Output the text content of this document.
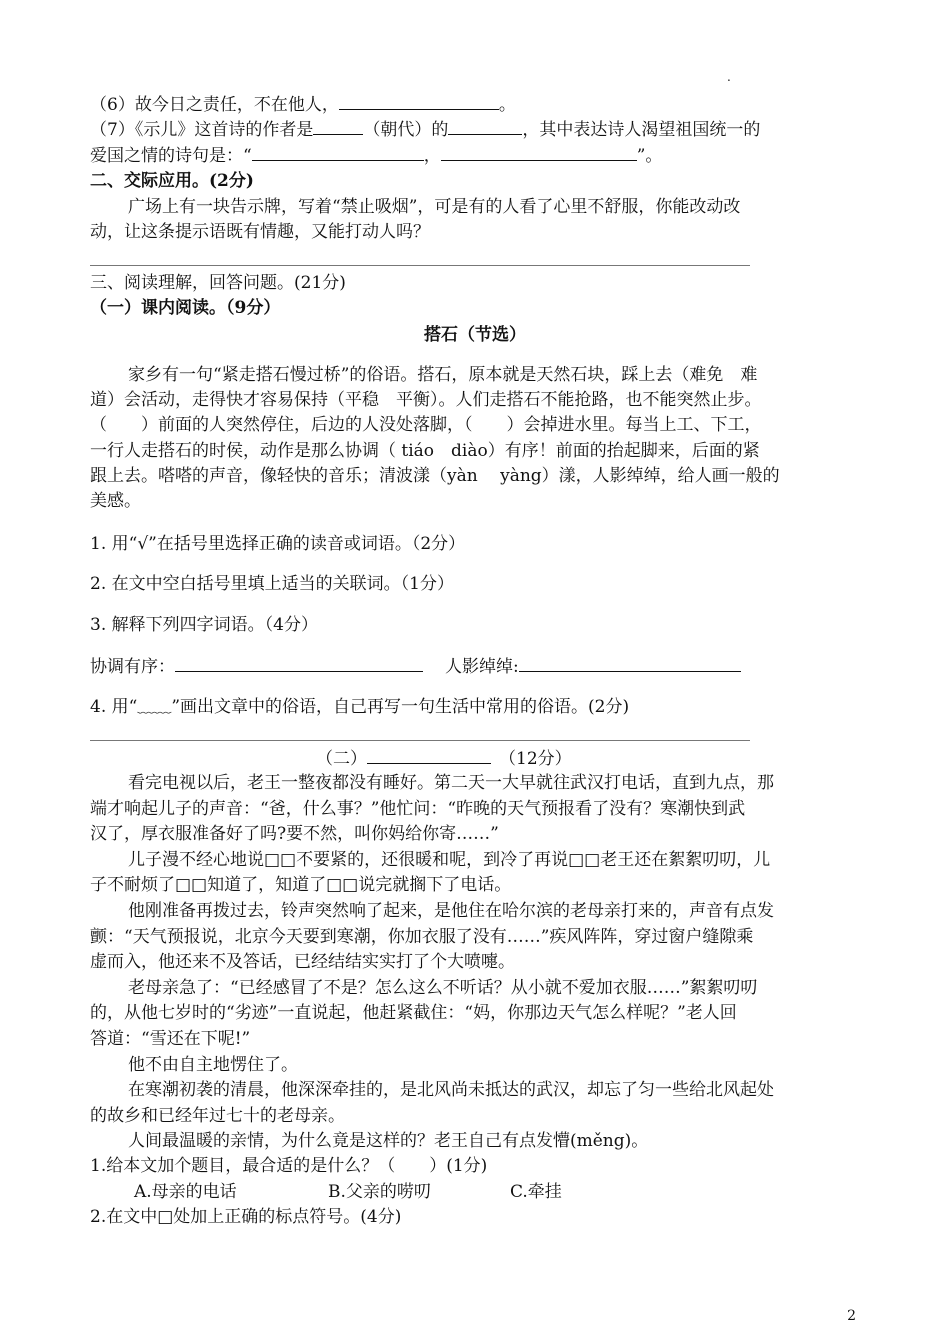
.
（6）故今日之责任，不在他人，	。
（7）《示儿》这首诗的作者是	（朝代）的	，其中表达诗人渴望祖国统一的
爱国之情的诗句是：“	，	”。
二、交际应用。(2分)
广场上有一块告示牌，写着“禁止吸烟”，可是有的人看了心里不舒服，你能改动改
动，让这条提示语既有情趣，又能打动人吗？
三、阅读理解，回答问题。(21分)
（一）课内阅读。（9分）
搭石（节选）
家乡有一句“紧走搭石慢过桥”的俗语。搭石，原本就是天然石块，踩上去（难免　难
道）会活动，走得快才容易保持（平稳　平衡）。人们走搭石不能抢路，也不能突然止步。
（　　）前面的人突然停住，后边的人没处落脚，（　　）会掉进水里。每当上工、下工，
一行人走搭石的时侯，动作是那么协调（ tiáo　diào）有序！前面的抬起脚来，后面的紧
跟上去。嗒嗒的声音，像轻快的音乐；清波漾（yàn　 yàng）漾，人影绰绰，给人画一般的
美感。
1. 用“√”在括号里选择正确的读音或词语。（2分）
2. 在文中空白括号里填上适当的关联词。（1分）
3. 解释下列四字词语。（4分）
协调有序：	人影绰绰:
4. 用“﹏﹏”画出文章中的俗语，自己再写一句生活中常用的俗语。(2分)
（二）	（12分）
看完电视以后，老王一整夜都没有睡好。第二天一大早就往武汉打电话，直到九点，那
端才响起儿子的声音：“爸，什么事？”他忙问：“昨晚的天气预报看了没有？寒潮快到武
汉了，厚衣服准备好了吗?要不然，叫你妈给你寄……”
儿子漫不经心地说□□不要紧的，还很暖和呢，到冷了再说□□老王还在絮絮叨叨，儿
子不耐烦了□□知道了，知道了□□说完就搁下了电话。
他刚准备再拨过去，铃声突然响了起来，是他住在哈尔滨的老母亲打来的，声音有点发
颤：“天气预报说，北京今天要到寒潮，你加衣服了没有……”疾风阵阵，穿过窗户缝隙乘
虚而入，他还来不及答话，已经结结实实打了个大喷嚏。
老母亲急了：“已经感冒了不是？怎么这么不听话？从小就不爱加衣服……”絮絮叨叨
的，从他七岁时的“劣迹”一直说起，他赶紧截住：“妈，你那边天气怎么样呢？”老人回
答道：“雪还在下呢!”
他不由自主地愣住了。
在寒潮初袭的清晨，他深深牵挂的，是北风尚未抵达的武汉，却忘了匀一些给北风起处
的故乡和已经年过七十的老母亲。
人间最温暖的亲情，为什么竟是这样的？老王自己有点发懵(měng)。
1.给本文加个题目，最合适的是什么？（　　）(1分)
A.母亲的电话	B.父亲的唠叨	C.牵挂
2.在文中□处加上正确的标点符号。(4分)
2
